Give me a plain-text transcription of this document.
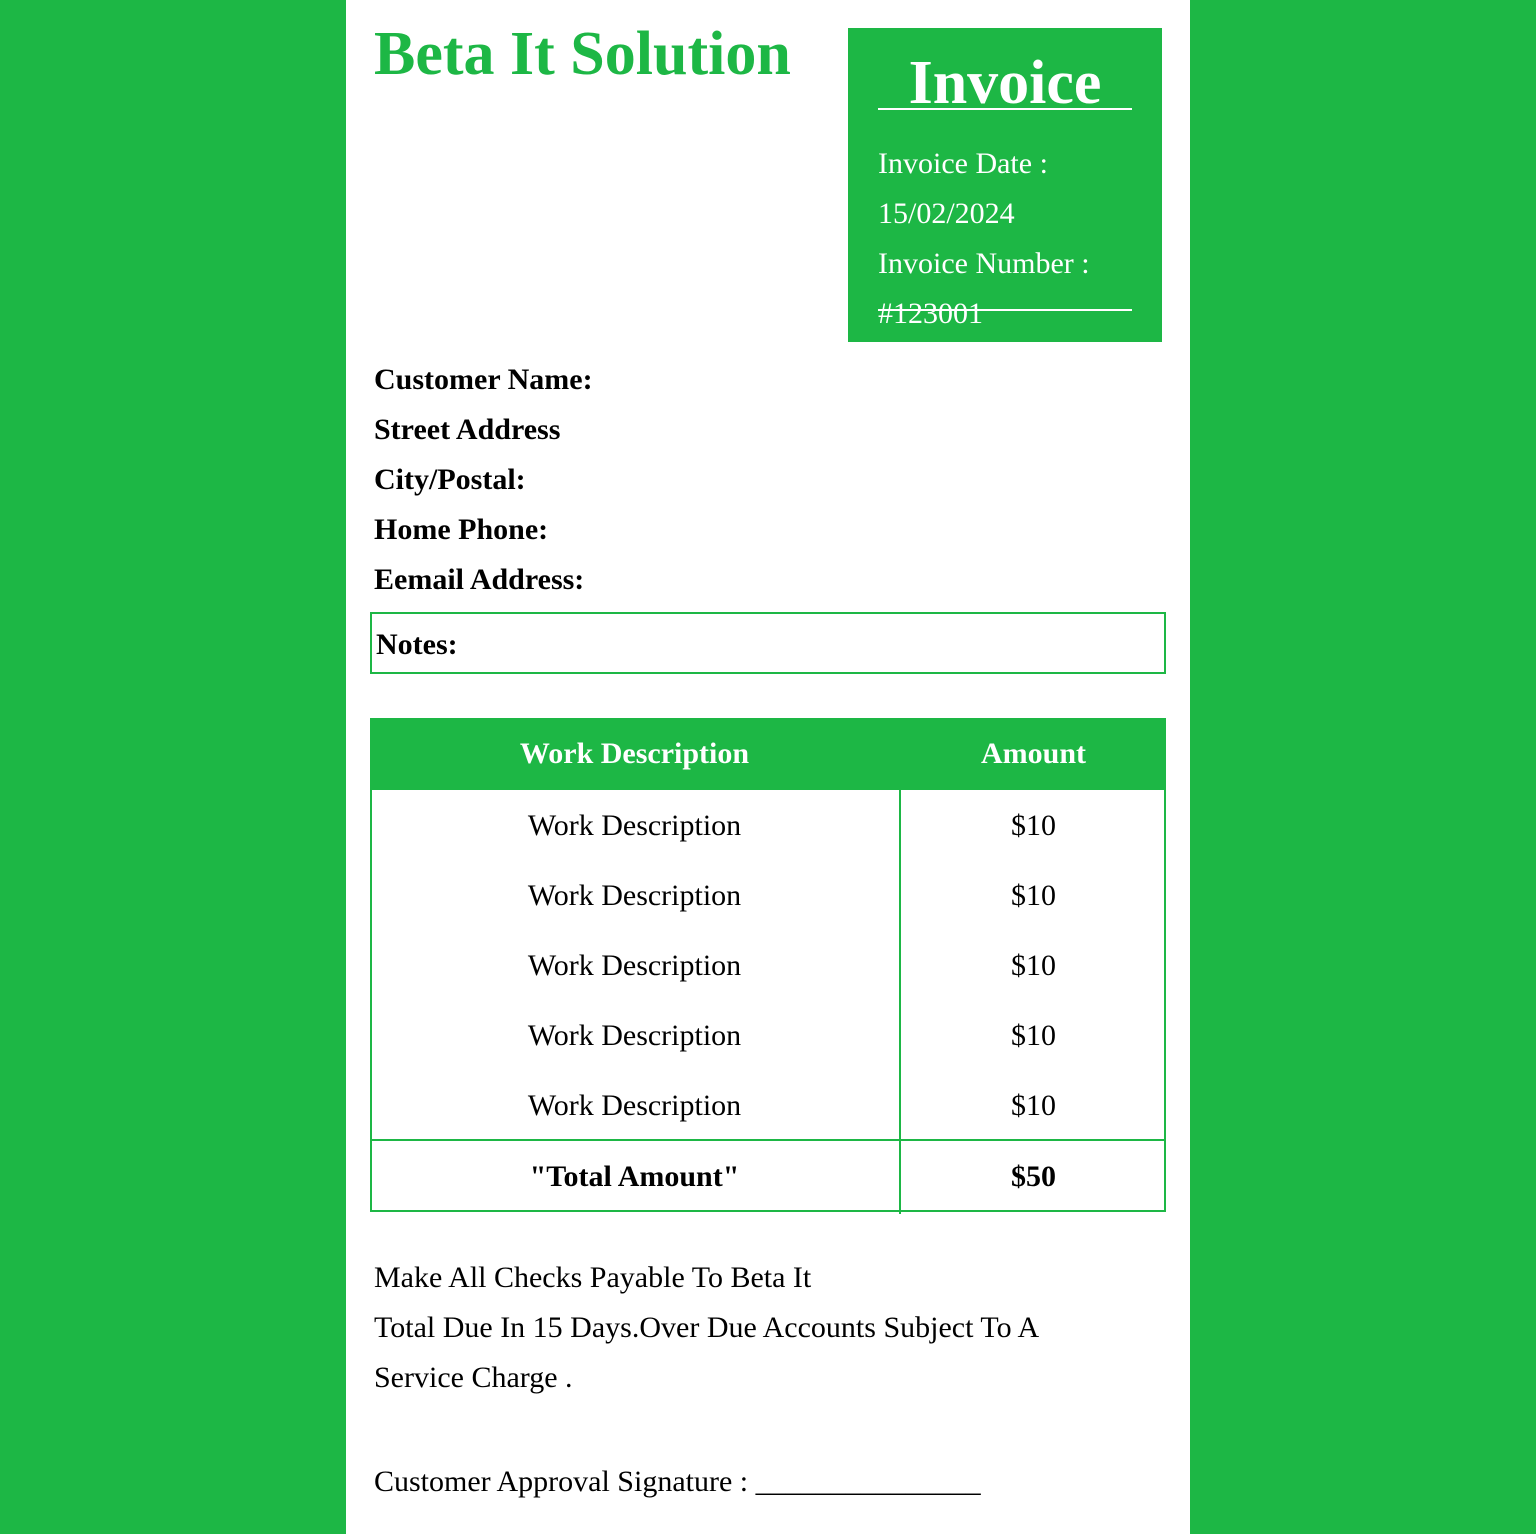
Beta It Solution	Invoice
Invoice Date :
15/02/2024
Invoice Number :
#123001
Customer Name:
Street Address
City/Postal:
Home Phone:
Eemail Address:
Notes:
Work Description	Amount
Work Description	$10
Work Description	$10
Work Description	$10
Work Description	$10
Work Description	$10
"Total Amount"	$50
Make All Checks Payable To Beta It
Total Due In 15 Days.Over Due Accounts Subject To A
Service Charge .
Customer Approval Signature : _______________
